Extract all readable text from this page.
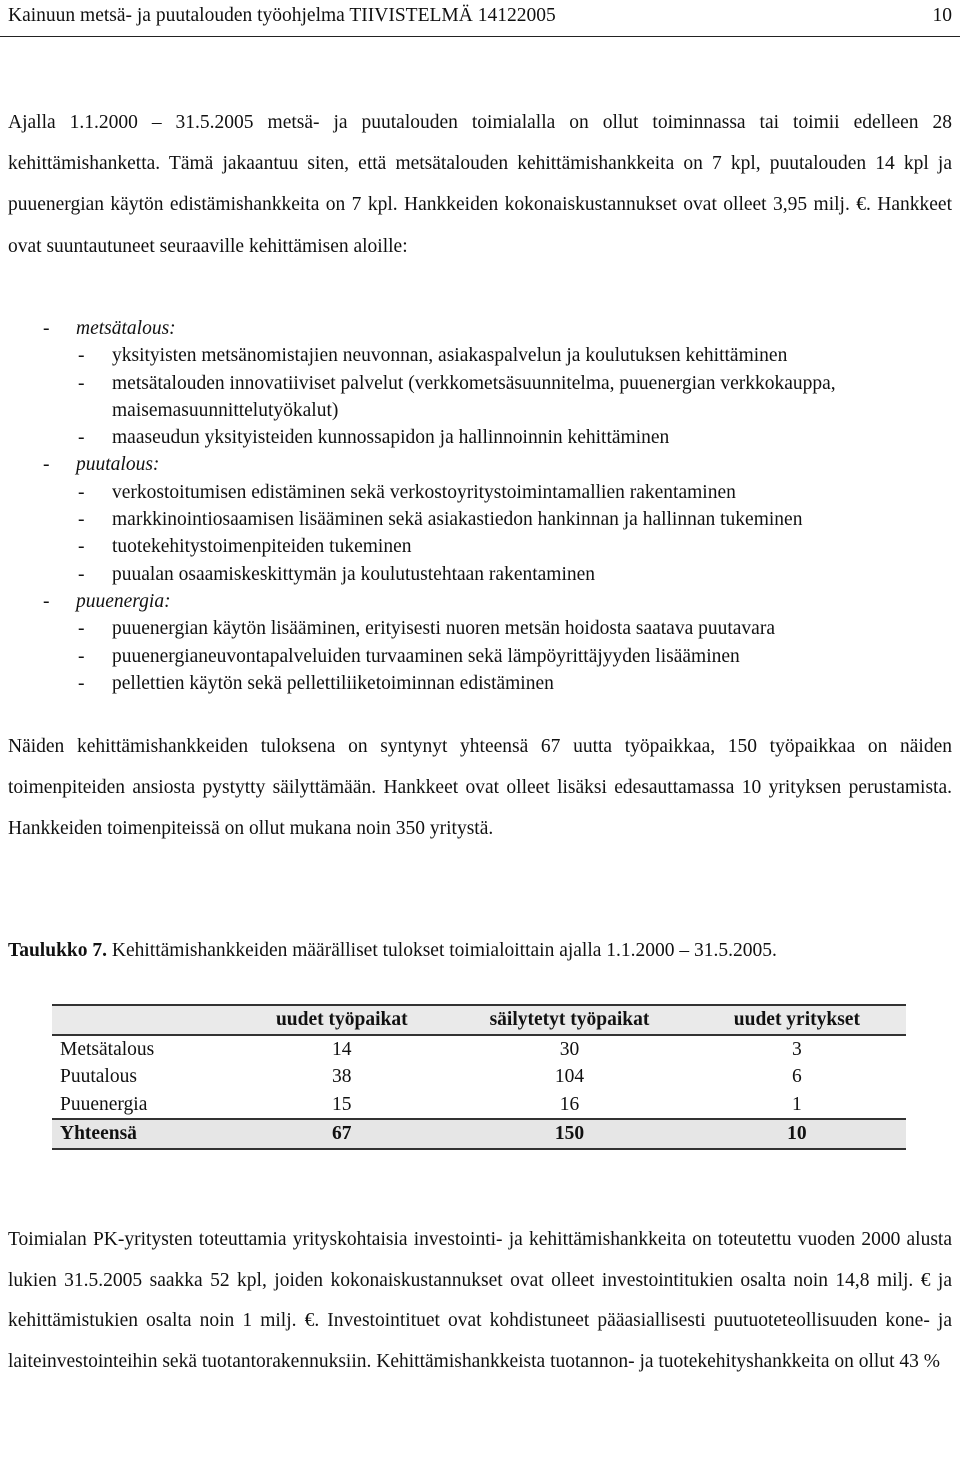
Kainuun metsä- ja puutalouden työohjelma TIIVISTELMÄ 14122005	10
Ajalla 1.1.2000 – 31.5.2005 metsä- ja puutalouden toimialalla on ollut toiminnassa tai toimii edelleen 28 kehittämishanketta. Tämä jakaantuu siten, että metsätalouden kehittämishankkeita on 7 kpl, puutalouden 14 kpl ja puuenergian käytön edistämishankkeita on 7 kpl. Hankkeiden kokonaiskustannukset ovat olleet 3,95 milj. €. Hankkeet ovat suuntautuneet seuraaville kehittämisen aloille:
- metsätalous:
- yksityisten metsänomistajien neuvonnan, asiakaspalvelun ja koulutuksen kehittäminen
- metsätalouden innovatiiviset palvelut (verkkometsäsuunnitelma, puuenergian verkkokauppa, maisemasuunnittelutyökalut)
- maaseudun yksityisteiden kunnossapidon ja hallinnoinnin kehittäminen
- puutalous:
- verkostoitumisen edistäminen sekä verkostoyritystoimintamallien rakentaminen
- markkinointiosaamisen lisääminen sekä asiakastiedon hankinnan ja hallinnan tukeminen
- tuotekehitystoimenpiteiden tukeminen
- puualan osaamiskeskittymän ja koulutustehtaan rakentaminen
- puuenergia:
- puuenergian käytön lisääminen, erityisesti nuoren metsän hoidosta saatava puutavara
- puuenergianeuvontapalveluiden turvaaminen sekä lämpöyrittäjyyden lisääminen
- pellettien käytön sekä pellettiliiketoiminnan edistäminen
Näiden kehittämishankkeiden tuloksena on syntynyt yhteensä 67 uutta työpaikkaa, 150 työpaikkaa on näiden toimenpiteiden ansiosta pystytty säilyttämään. Hankkeet ovat olleet lisäksi edesauttamassa 10 yrityksen perustamista. Hankkeiden toimenpiteissä on ollut mukana noin 350 yritystä.
Taulukko 7. Kehittämishankkeiden määrälliset tulokset toimialoittain ajalla 1.1.2000 – 31.5.2005.
	uudet työpaikat	säilytetyt työpaikat	uudet yritykset
Metsätalous	14	30	3
Puutalous	38	104	6
Puuenergia	15	16	1
Yhteensä	67	150	10
Toimialan PK-yritysten toteuttamia yrityskohtaisia investointi- ja kehittämishankkeita on toteutettu vuoden 2000 alusta lukien 31.5.2005 saakka 52 kpl, joiden kokonaiskustannukset ovat olleet investointitukien osalta noin 14,8 milj. € ja kehittämistukien osalta noin 1 milj. €. Investointituet ovat kohdistuneet pääasiallisesti puutuoteteollisuuden kone- ja laiteinvestointeihin sekä tuotantorakennuksiin. Kehittämishankkeista tuotannon- ja tuotekehityshankkeita on ollut 43 %
